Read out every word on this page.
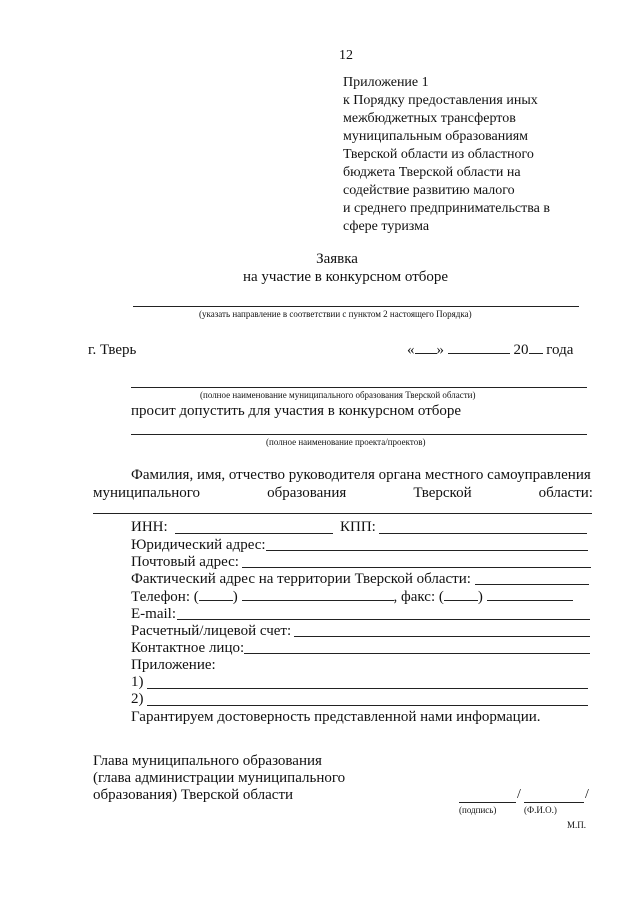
12
Приложение 1
к Порядку предоставления иных
межбюджетных трансфертов
муниципальным образованиям
Тверской области из областного
бюджета Тверской области на
содействие развитию малого
и среднего предпринимательства в
сфере туризма
Заявка
на участие в конкурсном отборе
(указать направление в соответствии с пунктом 2 настоящего Порядка)
г. Тверь	« »	20 года
(полное наименование муниципального образования Тверской области)
просит допустить для участия в конкурсном отборе
(полное наименование проекта/проектов)
Фамилия, имя, отчество руководителя органа местного самоуправления
муниципального	образования	Тверской	области:
ИНН:	КПП:
Юридический адрес:
Почтовый адрес:
Фактический адрес на территории Тверской области:
Телефон: ( )	, факс: ( )
E-mail:
Расчетный/лицевой счет:
Контактное лицо:
Приложение:
1)
2)
Гарантируем достоверность представленной нами информации.
Глава муниципального образования
(глава администрации муниципального
образования) Тверской области	/	/
(подпись)	(Ф.И.О.)
М.П.
